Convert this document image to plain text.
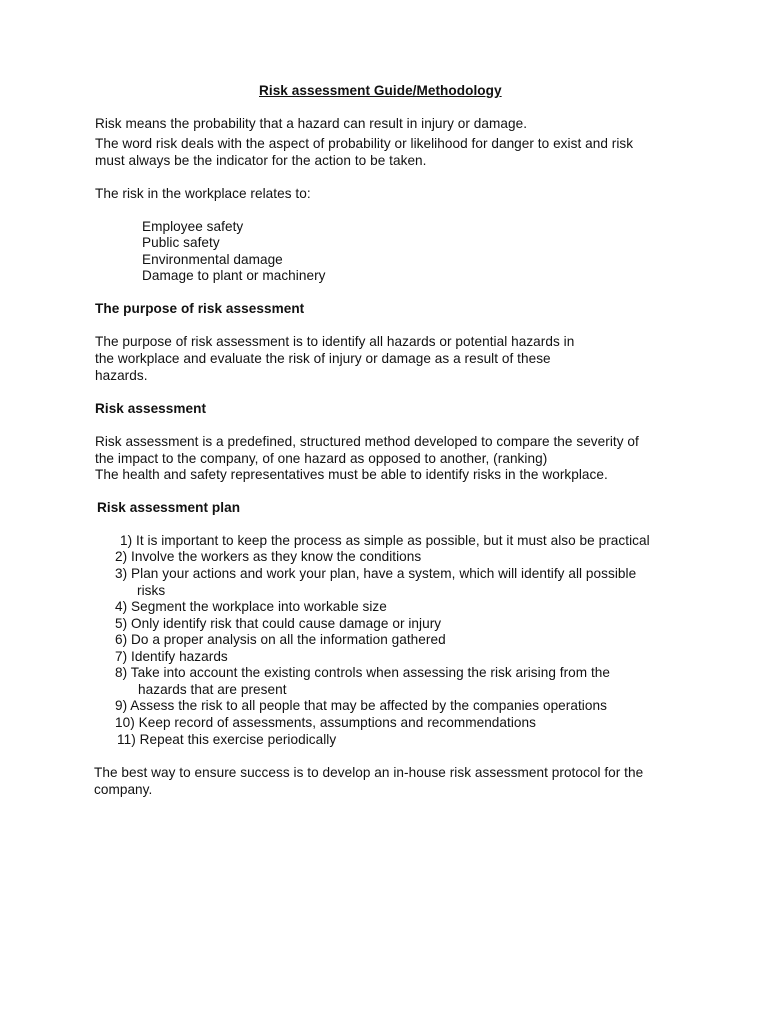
Risk assessment Guide/Methodology
Risk means the probability that a hazard can result in injury or damage.
The word risk deals with the aspect of probability or likelihood for danger to exist and risk
must always be the indicator for the action to be taken.
The risk in the workplace relates to:
Employee safety
Public safety
Environmental damage
Damage to plant or machinery
The purpose of risk assessment
The purpose of risk assessment is to identify all hazards or potential hazards in
the workplace and evaluate the risk of injury or damage as a result of these
hazards.
Risk assessment
Risk assessment is a predefined, structured method developed to compare the severity of
the impact to the company, of one hazard as opposed to another, (ranking)
The health and safety representatives must be able to identify risks in the workplace.
Risk assessment plan
1) It is important to keep the process as simple as possible, but it must also be practical
2) Involve the workers as they know the conditions
3) Plan your actions and work your plan, have a system, which will identify all possible
risks
4) Segment the workplace into workable size
5) Only identify risk that could cause damage or injury
6) Do a proper analysis on all the information gathered
7) Identify hazards
8) Take into account the existing controls when assessing the risk arising from the
hazards that are present
9) Assess the risk to all people that may be affected by the companies operations
10) Keep record of assessments, assumptions and recommendations
11) Repeat this exercise periodically
The best way to ensure success is to develop an in-house risk assessment protocol for the
company.
